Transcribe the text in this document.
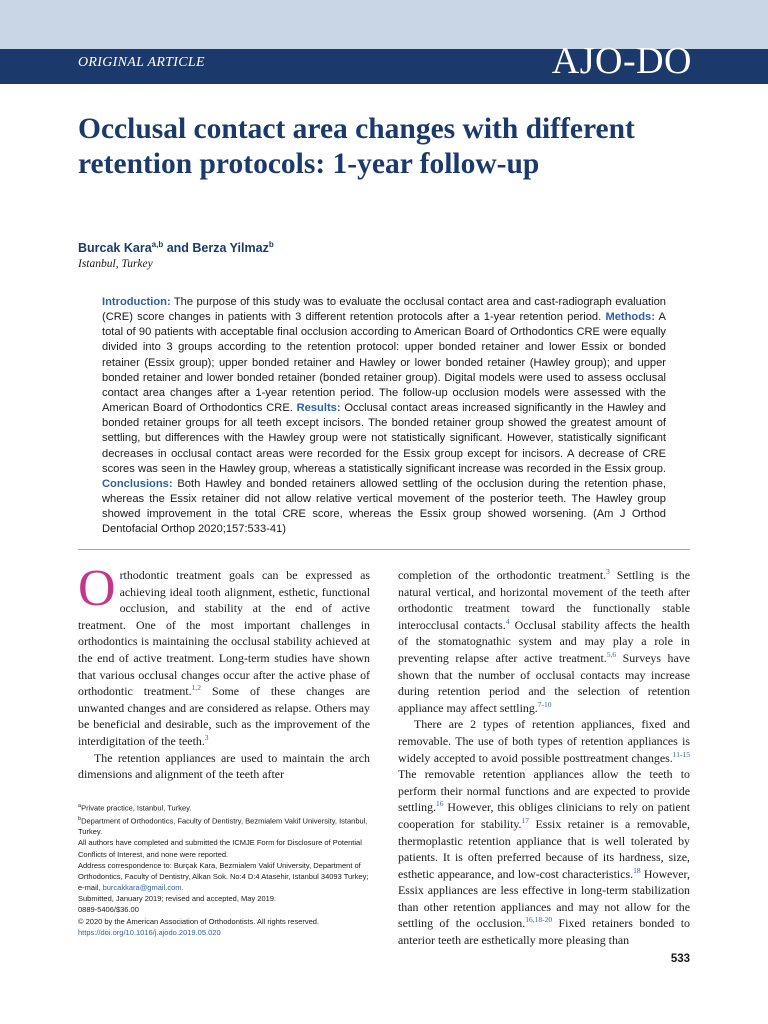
ORIGINAL ARTICLE	AJO-DO
Occlusal contact area changes with different retention protocols: 1-year follow-up
Burcak Kara$^{a,b}$ and Berza Yilmaz$^b$
Istanbul, Turkey
Introduction: The purpose of this study was to evaluate the occlusal contact area and cast-radiograph evaluation (CRE) score changes in patients with 3 different retention protocols after a 1-year retention period. Methods: A total of 90 patients with acceptable final occlusion according to American Board of Orthodontics CRE were equally divided into 3 groups according to the retention protocol: upper bonded retainer and lower Essix or bonded retainer (Essix group); upper bonded retainer and Hawley or lower bonded retainer (Hawley group); and upper bonded retainer and lower bonded retainer (bonded retainer group). Digital models were used to assess occlusal contact area changes after a 1-year retention period. The follow-up occlusion models were assessed with the American Board of Orthodontics CRE. Results: Occlusal contact areas increased significantly in the Hawley and bonded retainer groups for all teeth except incisors. The bonded retainer group showed the greatest amount of settling, but differences with the Hawley group were not statistically significant. However, statistically significant decreases in occlusal contact areas were recorded for the Essix group except for incisors. A decrease of CRE scores was seen in the Hawley group, whereas a statistically significant increase was recorded in the Essix group. Conclusions: Both Hawley and bonded retainers allowed settling of the occlusion during the retention phase, whereas the Essix retainer did not allow relative vertical movement of the posterior teeth. The Hawley group showed improvement in the total CRE score, whereas the Essix group showed worsening. (Am J Orthod Dentofacial Orthop 2020;157:533-41)

Orthodontic treatment goals can be expressed as achieving ideal tooth alignment, esthetic, functional occlusion, and stability at the end of active treatment. One of the most important challenges in orthodontics is maintaining the occlusal stability achieved at the end of active treatment. Long-term studies have shown that various occlusal changes occur after the active phase of orthodontic treatment.$^{1,2}$ Some of these changes are unwanted changes and are considered as relapse. Others may be beneficial and desirable, such as the improvement of the interdigitation of the teeth.$^3$

The retention appliances are used to maintain the arch dimensions and alignment of the teeth after

completion of the orthodontic treatment.$^3$ Settling is the natural vertical, and horizontal movement of the teeth after orthodontic treatment toward the functionally stable interocclusal contacts.$^4$ Occlusal stability affects the health of the stomatognathic system and may play a role in preventing relapse after active treatment.$^{5,6}$ Surveys have shown that the number of occlusal contacts may increase during retention period and the selection of retention appliance may affect settling.$^{7-10}$

There are 2 types of retention appliances, fixed and removable. The use of both types of retention appliances is widely accepted to avoid possible posttreatment changes.$^{11-15}$ The removable retention appliances allow the teeth to perform their normal functions and are expected to provide settling.$^{16}$ However, this obliges clinicians to rely on patient cooperation for stability.$^{17}$ Essix retainer is a removable, thermoplastic retention appliance that is well tolerated by patients. It is often preferred because of its hardness, size, esthetic appearance, and low-cost characteristics.$^{18}$ However, Essix appliances are less effective in long-term stabilization than other retention appliances and may not allow for the settling of the occlusion.$^{16,18-20}$ Fixed retainers bonded to anterior teeth are esthetically more pleasing than

$^a$Private practice, Istanbul, Turkey.

$^b$Department of Orthodontics, Faculty of Dentistry, Bezmialem Vakif University, Istanbul, Turkey.

All authors have completed and submitted the ICMJE Form for Disclosure of Potential Conflicts of Interest, and none were reported.

Address correspondence to: Burçak Kara, Bezmialem Vakif University, Department of Orthodontics, Faculty of Dentistry, Alkan Sok. No:4 D:4 Atasehir, Istanbul 34093 Turkey; e-mail, burcakkara@gmail.com.

Submitted, January 2019; revised and accepted, May 2019.

0889-5406/$36.00

© 2020 by the American Association of Orthodontists. All rights reserved.

https://doi.org/10.1016/j.ajodo.2019.05.020

533
